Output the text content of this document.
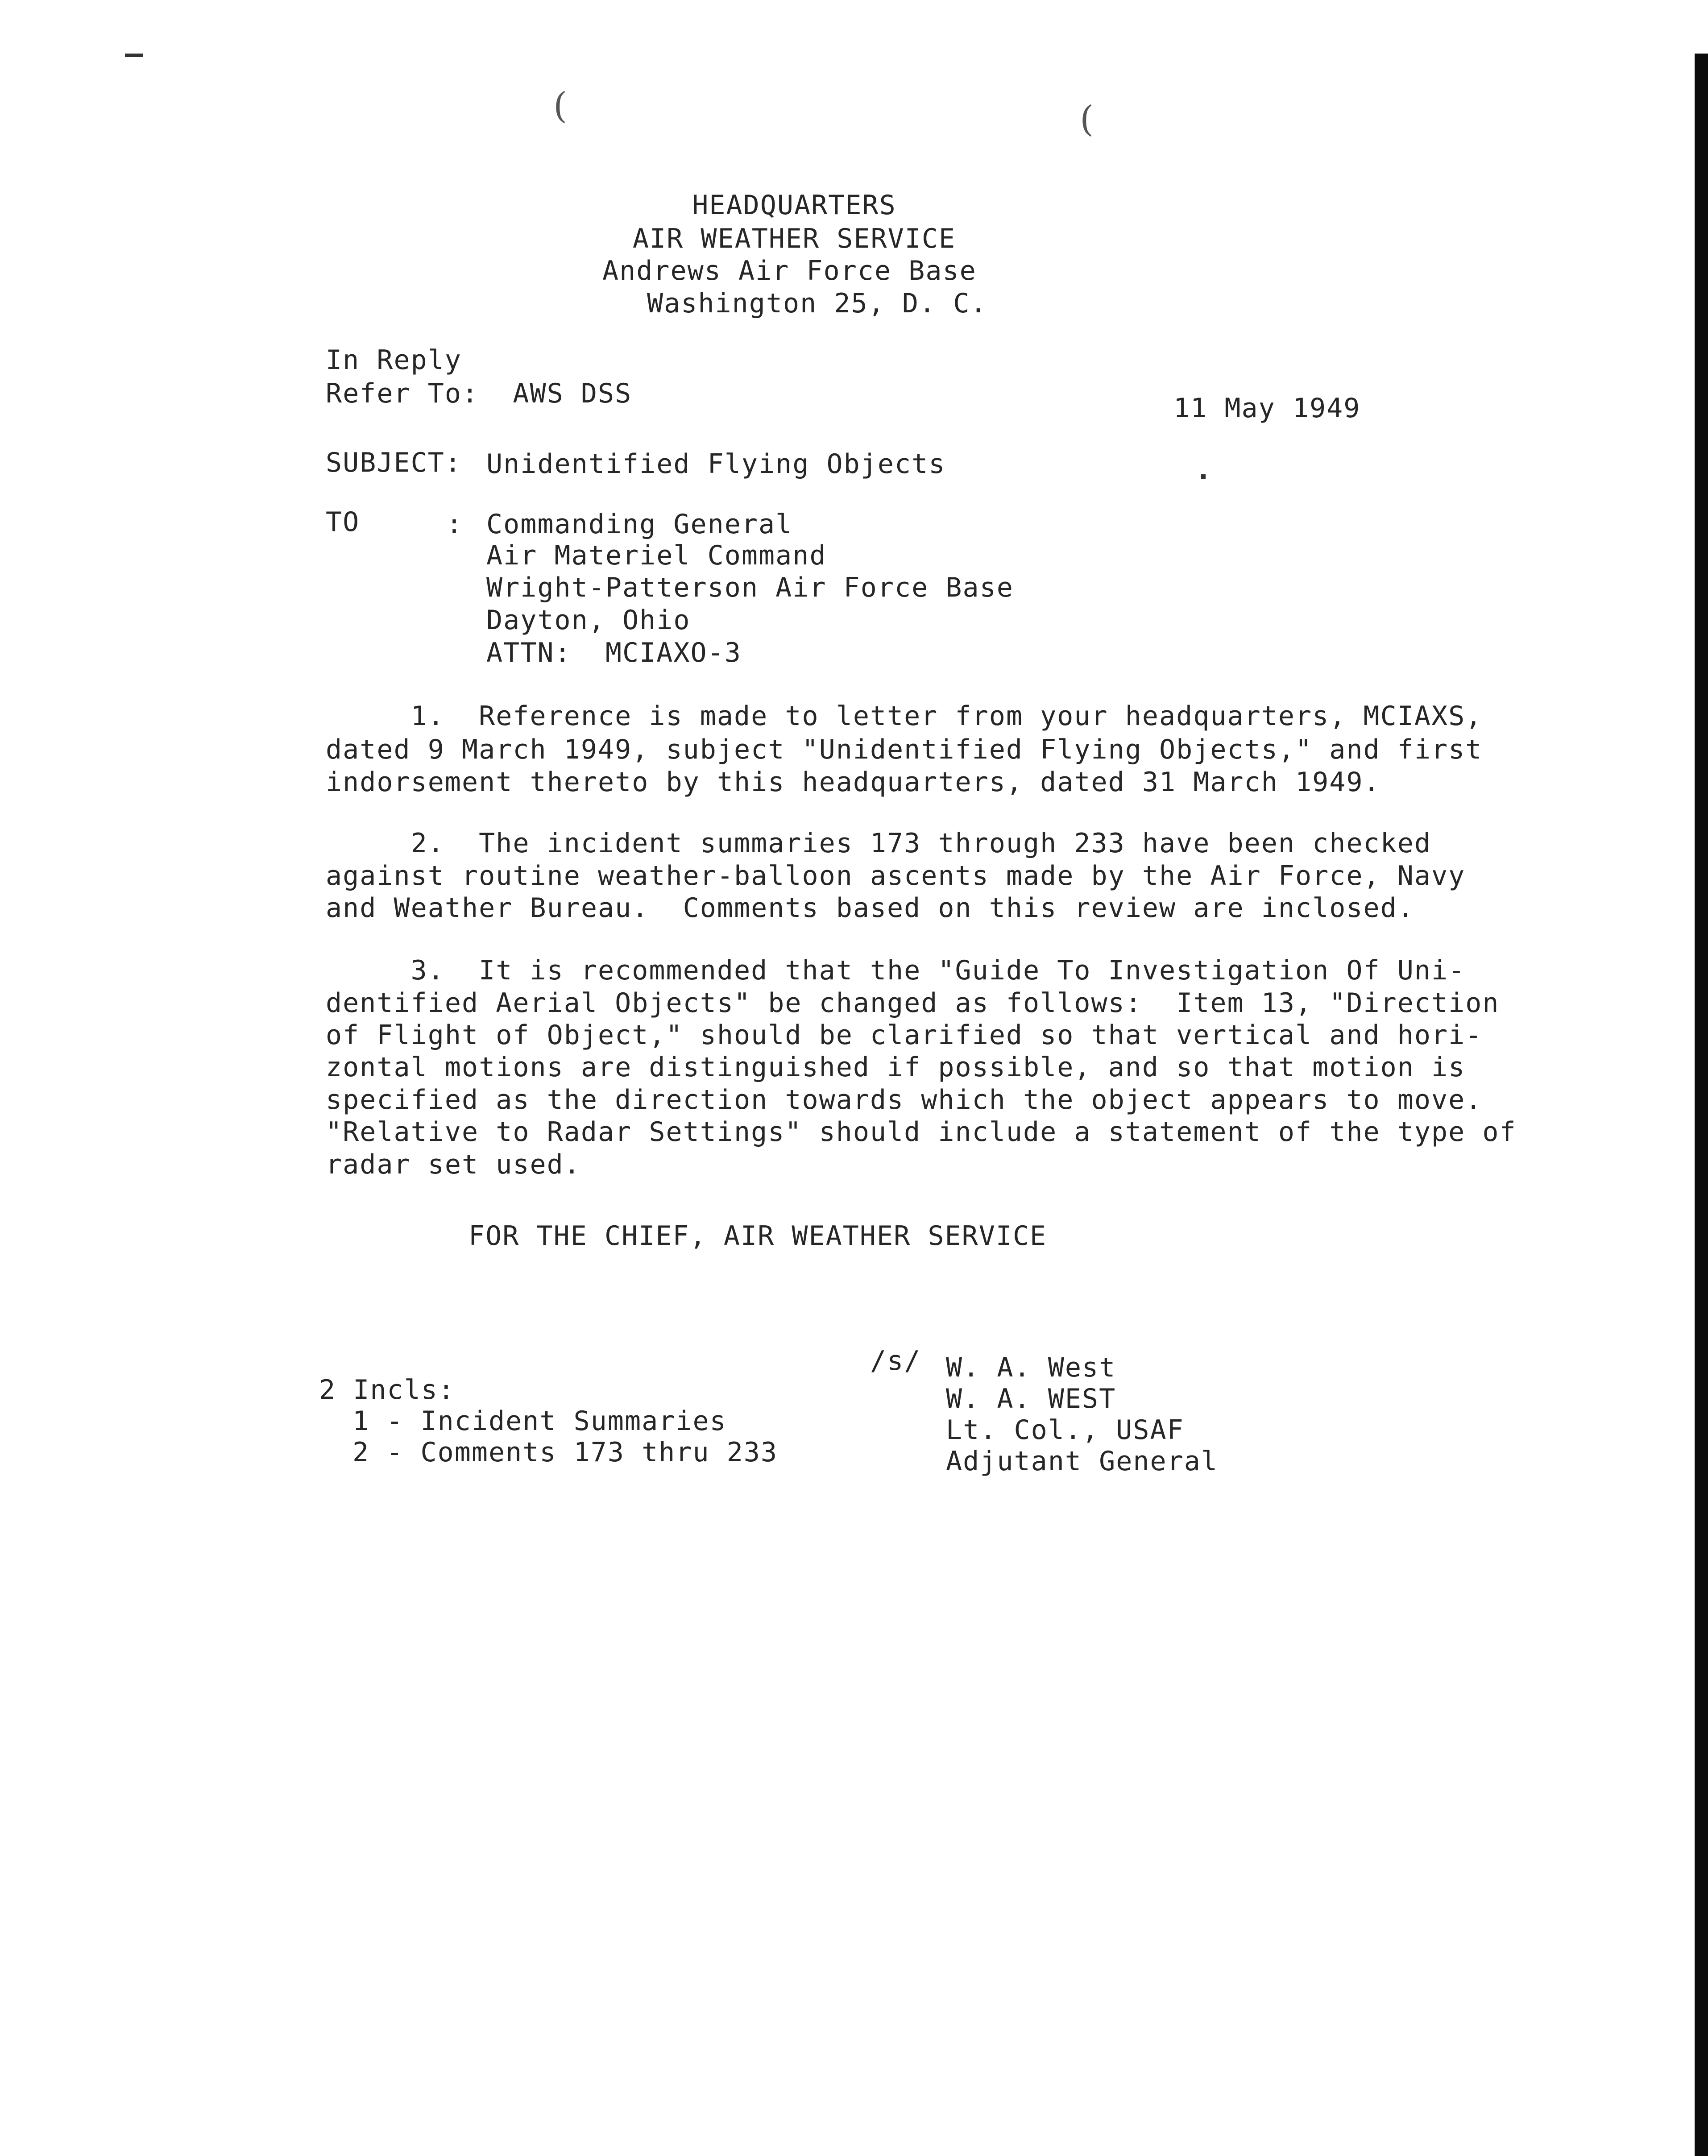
(	(
HEADQUARTERS
AIR WEATHER SERVICE
Andrews Air Force Base
Washington 25, D. C.
In Reply
Refer To:  AWS DSS	11 May 1949
SUBJECT: Unidentified Flying Objects
TO	: Commanding General
Air Materiel Command
Wright-Patterson Air Force Base
Dayton, Ohio
ATTN:  MCIAXO-3
1.  Reference is made to letter from your headquarters, MCIAXS,
dated 9 March 1949, subject "Unidentified Flying Objects," and first
indorsement thereto by this headquarters, dated 31 March 1949.
2.  The incident summaries 173 through 233 have been checked
against routine weather-balloon ascents made by the Air Force, Navy
and Weather Bureau.  Comments based on this review are inclosed.
3.  It is recommended that the "Guide To Investigation Of Uni-
dentified Aerial Objects" be changed as follows:  Item 13, "Direction
of Flight of Object," should be clarified so that vertical and hori-
zontal motions are distinguished if possible, and so that motion is
specified as the direction towards which the object appears to move.
"Relative to Radar Settings" should include a statement of the type of
radar set used.
FOR THE CHIEF, AIR WEATHER SERVICE
/s/ W. A. West
W. A. WEST
Lt. Col., USAF
Adjutant General
2 Incls:
1 - Incident Summaries
2 - Comments 173 thru 233
